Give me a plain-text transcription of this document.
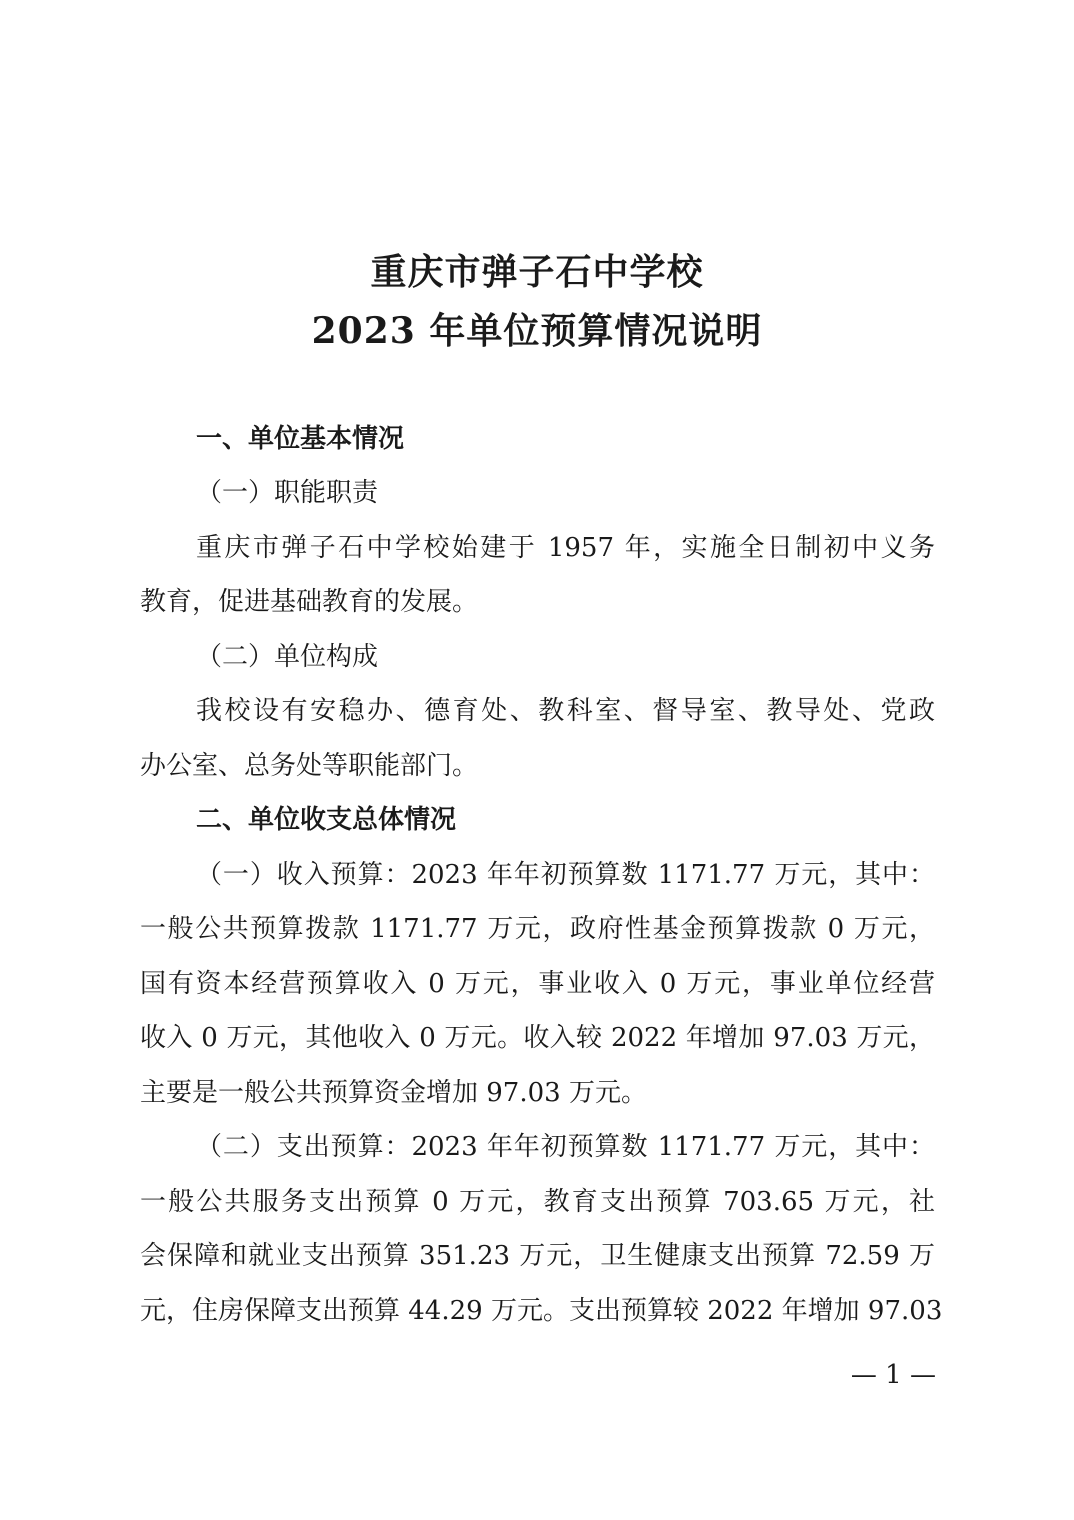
重庆市弹子石中学校
2023 年单位预算情况说明
一、单位基本情况
（一）职能职责
重庆市弹子石中学校始建于 1957 年，实施全日制初中义务
教育，促进基础教育的发展。
（二）单位构成
我校设有安稳办、德育处、教科室、督导室、教导处、党政
办公室、总务处等职能部门。
二、单位收支总体情况
（一）收入预算：2023 年年初预算数 1171.77 万元，其中：
一般公共预算拨款 1171.77 万元，政府性基金预算拨款 0 万元，
国有资本经营预算收入 0 万元，事业收入 0 万元，事业单位经营
收入 0 万元，其他收入 0 万元。收入较 2022 年增加 97.03 万元，
主要是一般公共预算资金增加 97.03 万元。
（二）支出预算：2023 年年初预算数 1171.77 万元，其中：
一般公共服务支出预算 0 万元，教育支出预算 703.65 万元，社
会保障和就业支出预算 351.23 万元，卫生健康支出预算 72.59 万
元，住房保障支出预算 44.29 万元。支出预算较 2022 年增加 97.03
— 1 —
